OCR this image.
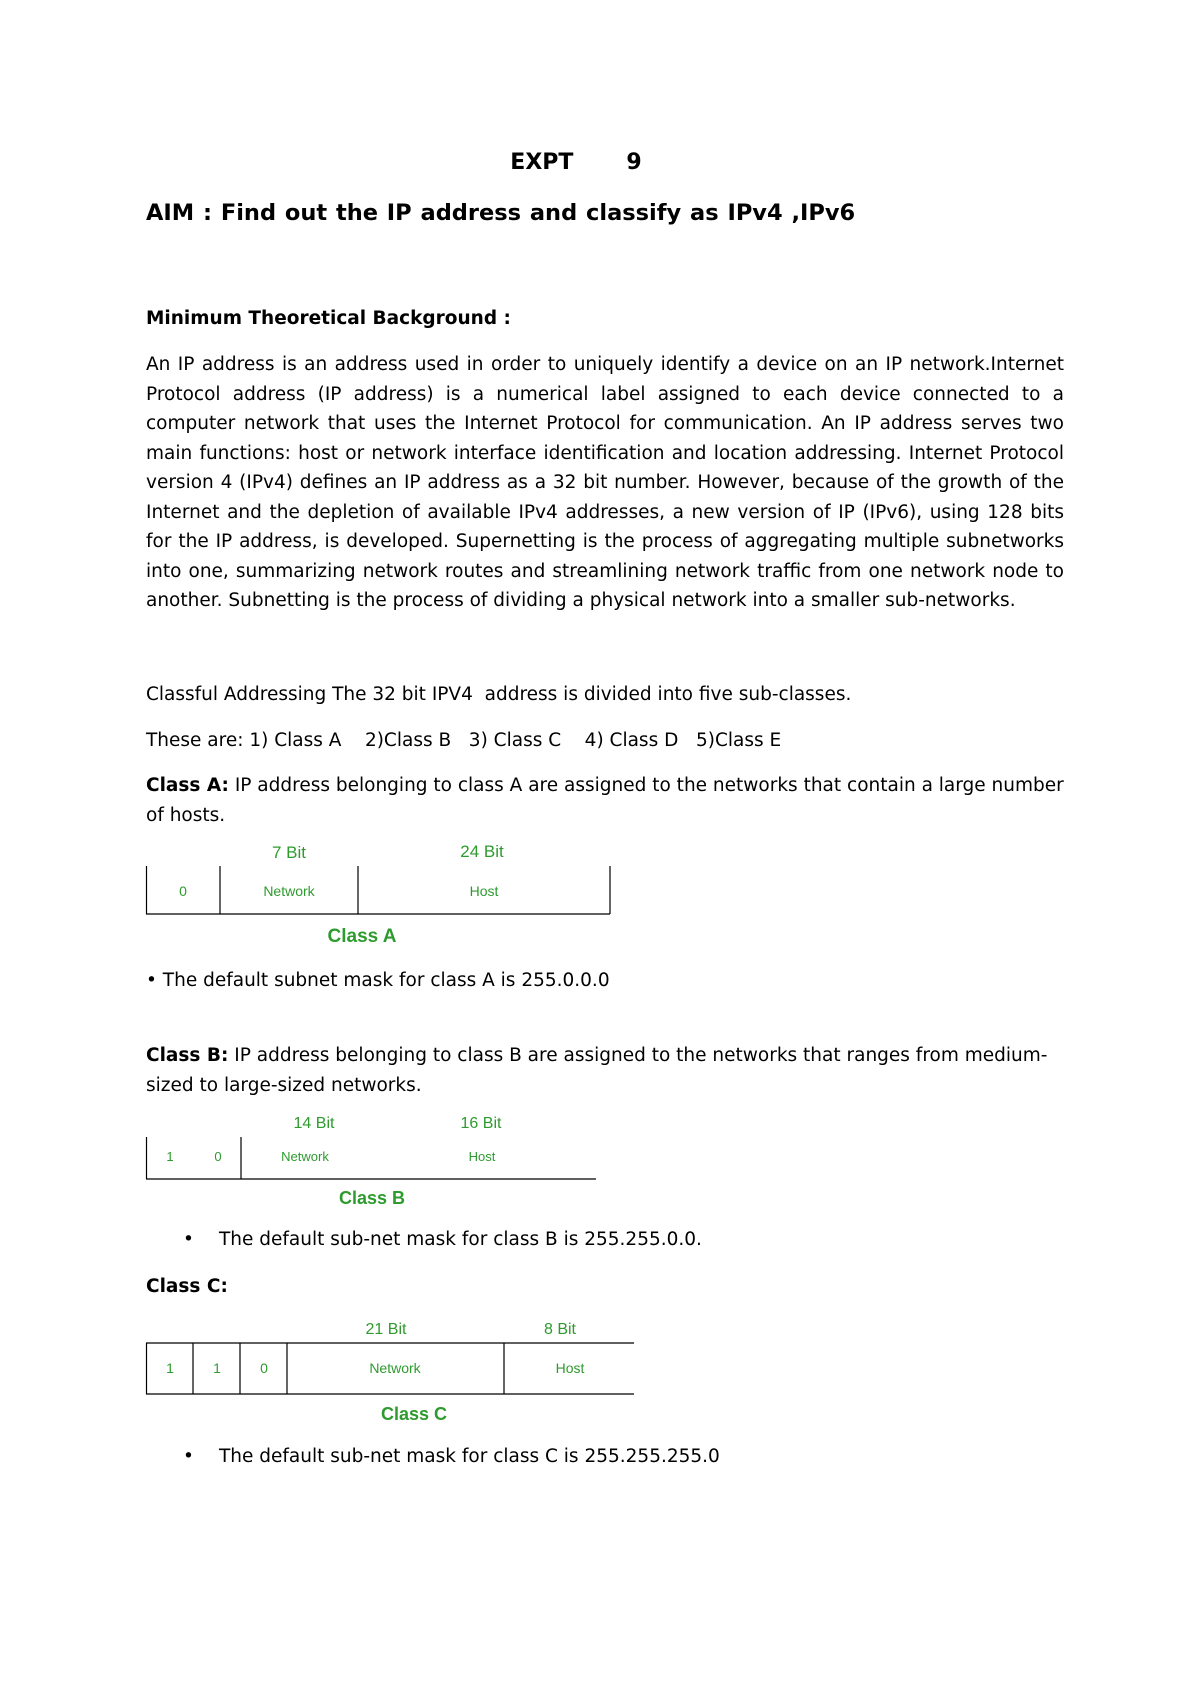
EXPT   9
AIM : Find out the IP address and classify as IPv4 ,IPv6
Minimum Theoretical Background :
An IP address is an address used in order to uniquely identify a device on an IP network.Internet Protocol address (IP address) is a numerical label assigned to each device connected to a computer network that uses the Internet Protocol for communication. An IP address serves two main functions: host or network interface identification and location addressing. Internet Protocol version 4 (IPv4) defines an IP address as a 32 bit number. However, because of the growth of the Internet and the depletion of available IPv4 addresses, a new version of IP (IPv6), using 128 bits for the IP address, is developed. Supernetting is the process of aggregating multiple subnetworks into one, summarizing network routes and streamlining network traffic from one network node to another. Subnetting is the process of dividing a physical network into a smaller sub-networks.
Classful Addressing The 32 bit IPV4  address is divided into five sub-classes.
These are: 1) Class A    2)Class B   3) Class C    4) Class D   5)Class E
Class A: IP address belonging to class A are assigned to the networks that contain a large number of hosts.
7 Bit	24 Bit
0	Network	Host
Class A
• The default subnet mask for class A is 255.0.0.0
Class B: IP address belonging to class B are assigned to the networks that ranges from medium-sized to large-sized networks.
14 Bit	16 Bit
1	0	Network	Host
Class B
• The default sub-net mask for class B is 255.255.0.0.
Class C:
21 Bit	8 Bit
1	1	0	Network	Host
Class C
• The default sub-net mask for class C is 255.255.255.0
